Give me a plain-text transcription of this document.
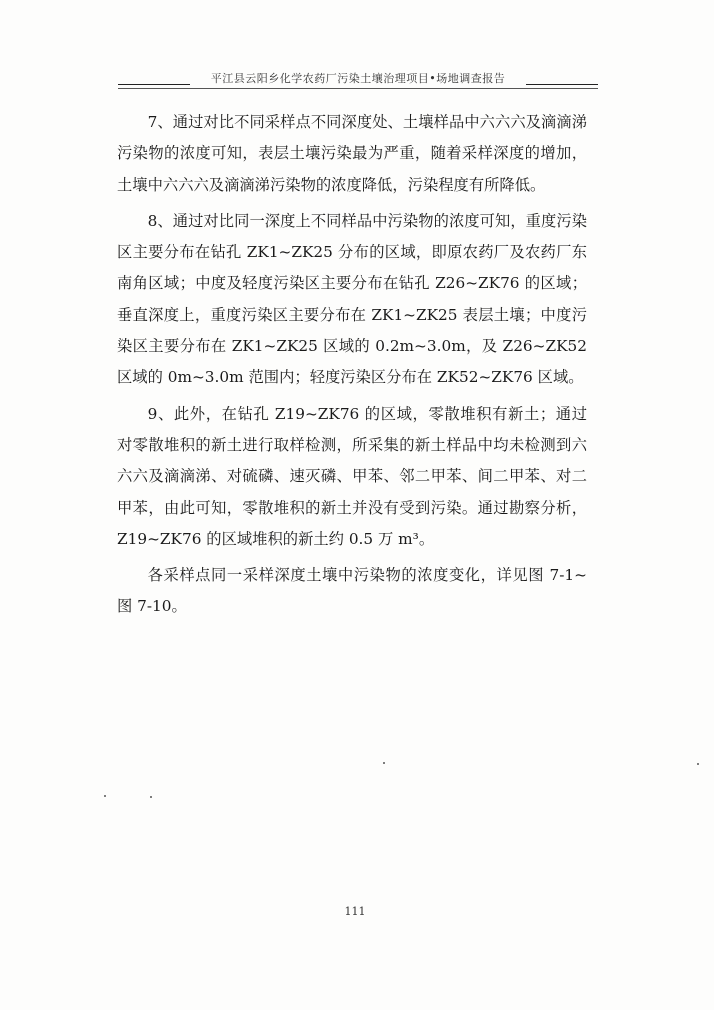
平江县云阳乡化学农药厂污染土壤治理项目•场地调查报告

7、通过对比不同采样点不同深度处、土壤样品中六六六及滴滴涕污染物的浓度可知，表层土壤污染最为严重，随着采样深度的增加，土壤中六六六及滴滴涕污染物的浓度降低，污染程度有所降低。

8、通过对比同一深度上不同样品中污染物的浓度可知，重度污染区主要分布在钻孔 ZK1~ZK25 分布的区域，即原农药厂及农药厂东南角区域；中度及轻度污染区主要分布在钻孔 Z26~ZK76 的区域；垂直深度上，重度污染区主要分布在 ZK1~ZK25 表层土壤；中度污染区主要分布在 ZK1~ZK25 区域的 0.2m~3.0m，及 Z26~ZK52 区域的 0m~3.0m 范围内；轻度污染区分布在 ZK52~ZK76 区域。

9、此外，在钻孔 Z19~ZK76 的区域，零散堆积有新土；通过对零散堆积的新土进行取样检测，所采集的新土样品中均未检测到六六六及滴滴涕、对硫磷、速灭磷、甲苯、邻二甲苯、间二甲苯、对二甲苯，由此可知，零散堆积的新土并没有受到污染。通过勘察分析，Z19~ZK76 的区域堆积的新土约 0.5 万 m³。

各采样点同一采样深度土壤中污染物的浓度变化，详见图 7-1~图 7-10。

111
